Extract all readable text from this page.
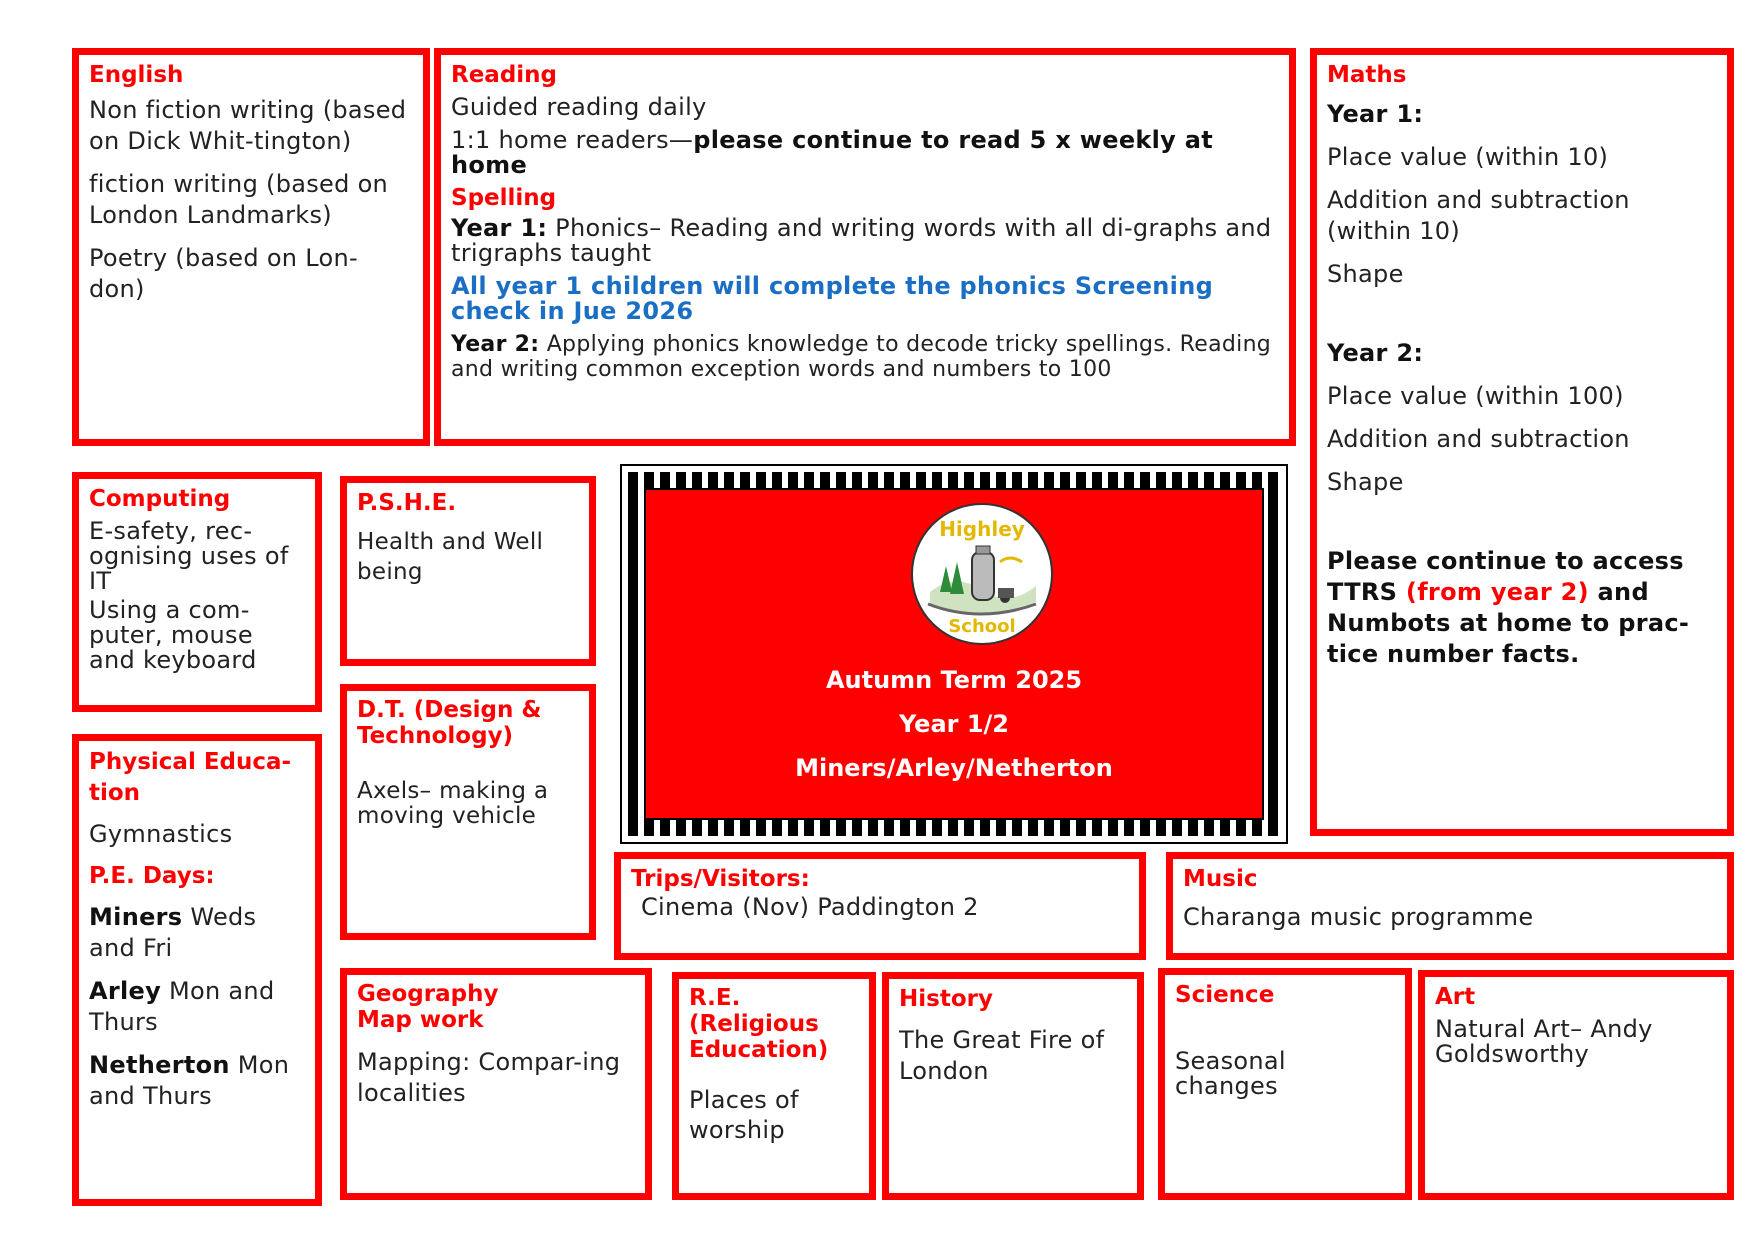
English
Non fiction writing (based on Dick Whit-tington)
fiction writing (based on London Landmarks)
Poetry (based on Lon-don)
Reading
Guided reading daily
1:1 home readers—please continue to read 5 x weekly at home
Spelling
Year 1: Phonics– Reading and writing words with all di-graphs and trigraphs taught
All year 1 children will complete the phonics Screening check in Jue 2026
Year 2: Applying phonics knowledge to decode tricky spellings. Reading and writing common exception words and numbers to 100
Maths
Year 1:
Place value (within 10)
Addition and subtraction (within 10)
Shape
Year 2:
Place value (within 100)
Addition and subtraction
Shape
Please continue to access TTRS (from year 2) and Numbots at home to prac-tice number facts.
Computing
E-safety, rec-ognising uses of IT
Using a com-puter, mouse and keyboard
P.S.H.E.
Health and Well being
D.T. (Design & Technology)
Axels– making a moving vehicle
Physical Educa-tion
Gymnastics
P.E. Days:
Miners Weds and Fri
Arley Mon and Thurs
Netherton Mon and Thurs
Highley
School
Autumn Term 2025
Year 1/2
Miners/Arley/Netherton
Trips/Visitors:
Cinema (Nov) Paddington 2
Music
Charanga music programme
Geography Map work
Mapping: Compar-ing localities
R.E. (Religious Education)
Places of worship
History
The Great Fire of London
Science
Seasonal changes
Art
Natural Art– Andy Goldsworthy
